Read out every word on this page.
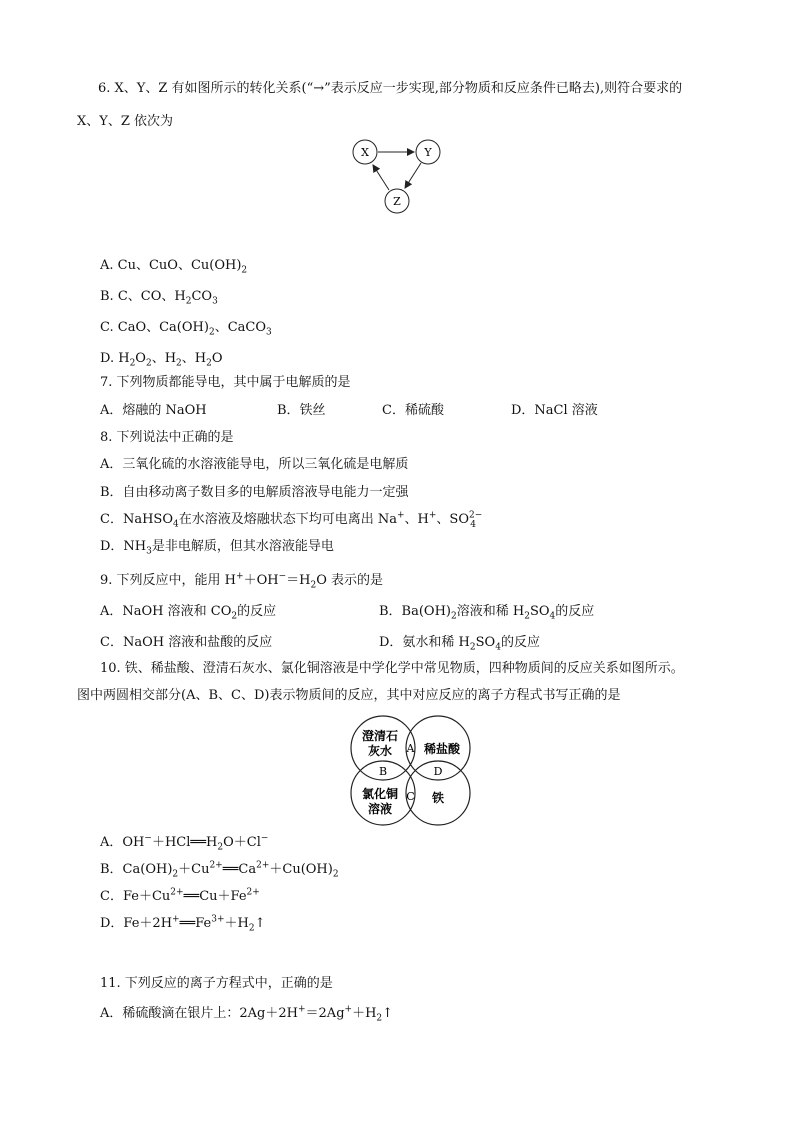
6. X、Y、Z 有如图所示的转化关系(“→”表示反应一步实现,部分物质和反应条件已略去),则符合要求的
X、Y、Z 依次为
X	Y
Z
A. Cu、CuO、$Cu(OH)_2$
B. C、CO、$H_2CO_3$
C. CaO、$Ca(OH)_2$、CaCO$_3$
D. $H_2O_2$、$H_2$、$H_2O$
7. 下列物质都能导电，其中属于电解质的是
A．熔融的 NaOH	B．铁丝	C．稀硫酸	D．NaCl 溶液
8. 下列说法中正确的是
A．三氧化硫的水溶液能导电，所以三氧化硫是电解质
B．自由移动离子数目多的电解质溶液导电能力一定强
C．NaHSO$_4$在水溶液及熔融状态下均可电离出 Na+、H+、$SO^{2-}_4$
D．$NH_3$是非电解质，但其水溶液能导电
9. 下列反应中，能用 $H^++OH^-=H_2O$ 表示的是
A．NaOH 溶液和 $CO_2$的反应	B．$Ba(OH)_2$溶液和稀 $H_2SO_4$的反应
C．NaOH 溶液和盐酸的反应	D．氨水和稀 $H_2SO_4$的反应
10. 铁、稀盐酸、澄清石灰水、氯化铜溶液是中学化学中常见物质，四种物质间的反应关系如图所示。
图中两圆相交部分(A、B、C、D)表示物质间的反应，其中对应反应的离子方程式书写正确的是
澄清石
灰水	稀盐酸
氯化铜
溶液
铁
A
B
C
D
A．$OH^-+HCl══H_2O+Cl^-$
B．$Ca(OH)_2+Cu^{2+}══Ca^{2+}+Cu(OH)_2$
C．$Fe+Cu^{2+}══Cu+Fe^{2+}$
D．$Fe+2H^+══Fe^{3+}+H_2↑$
11. 下列反应的离子方程式中，正确的是
A．稀硫酸滴在银片上：$2Ag+2H^+=2Ag^++H_2↑$
